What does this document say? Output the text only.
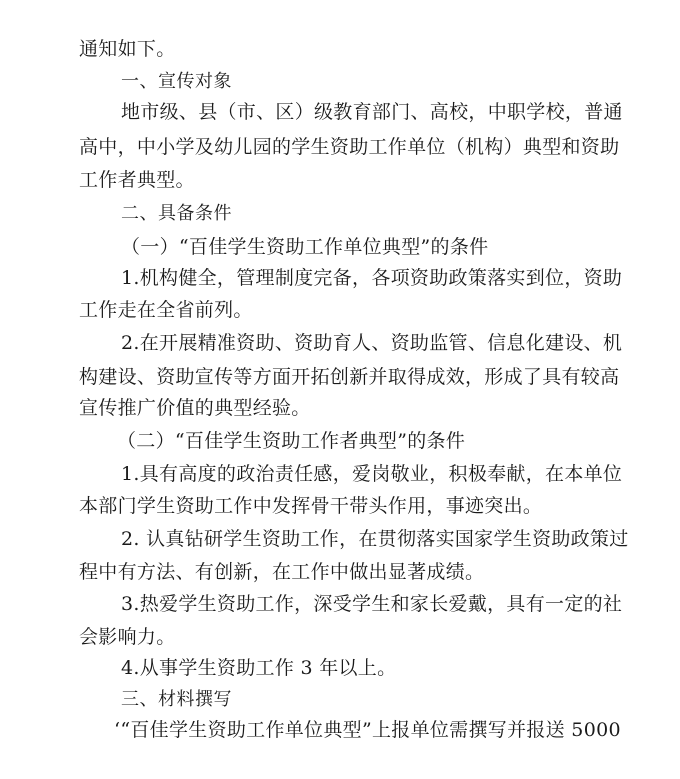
通知如下。
一、宣传对象
地市级、县（市、区）级教育部门、高校，中职学校，普通
高中，中小学及幼儿园的学生资助工作单位（机构）典型和资助
工作者典型。
二、具备条件
（一）“百佳学生资助工作单位典型”的条件
1.机构健全，管理制度完备，各项资助政策落实到位，资助
工作走在全省前列。
2.在开展精准资助、资助育人、资助监管、信息化建设、机
构建设、资助宣传等方面开拓创新并取得成效，形成了具有较高
宣传推广价值的典型经验。
（二）“百佳学生资助工作者典型”的条件
1.具有高度的政治责任感，爱岗敬业，积极奉献，在本单位
本部门学生资助工作中发挥骨干带头作用，事迹突出。
2. 认真钻研学生资助工作，在贯彻落实国家学生资助政策过
程中有方法、有创新，在工作中做出显著成绩。
3.热爱学生资助工作，深受学生和家长爱戴，具有一定的社
会影响力。
4.从事学生资助工作 3 年以上。
三、材料撰写
‘“百佳学生资助工作单位典型”上报单位需撰写并报送 5000
